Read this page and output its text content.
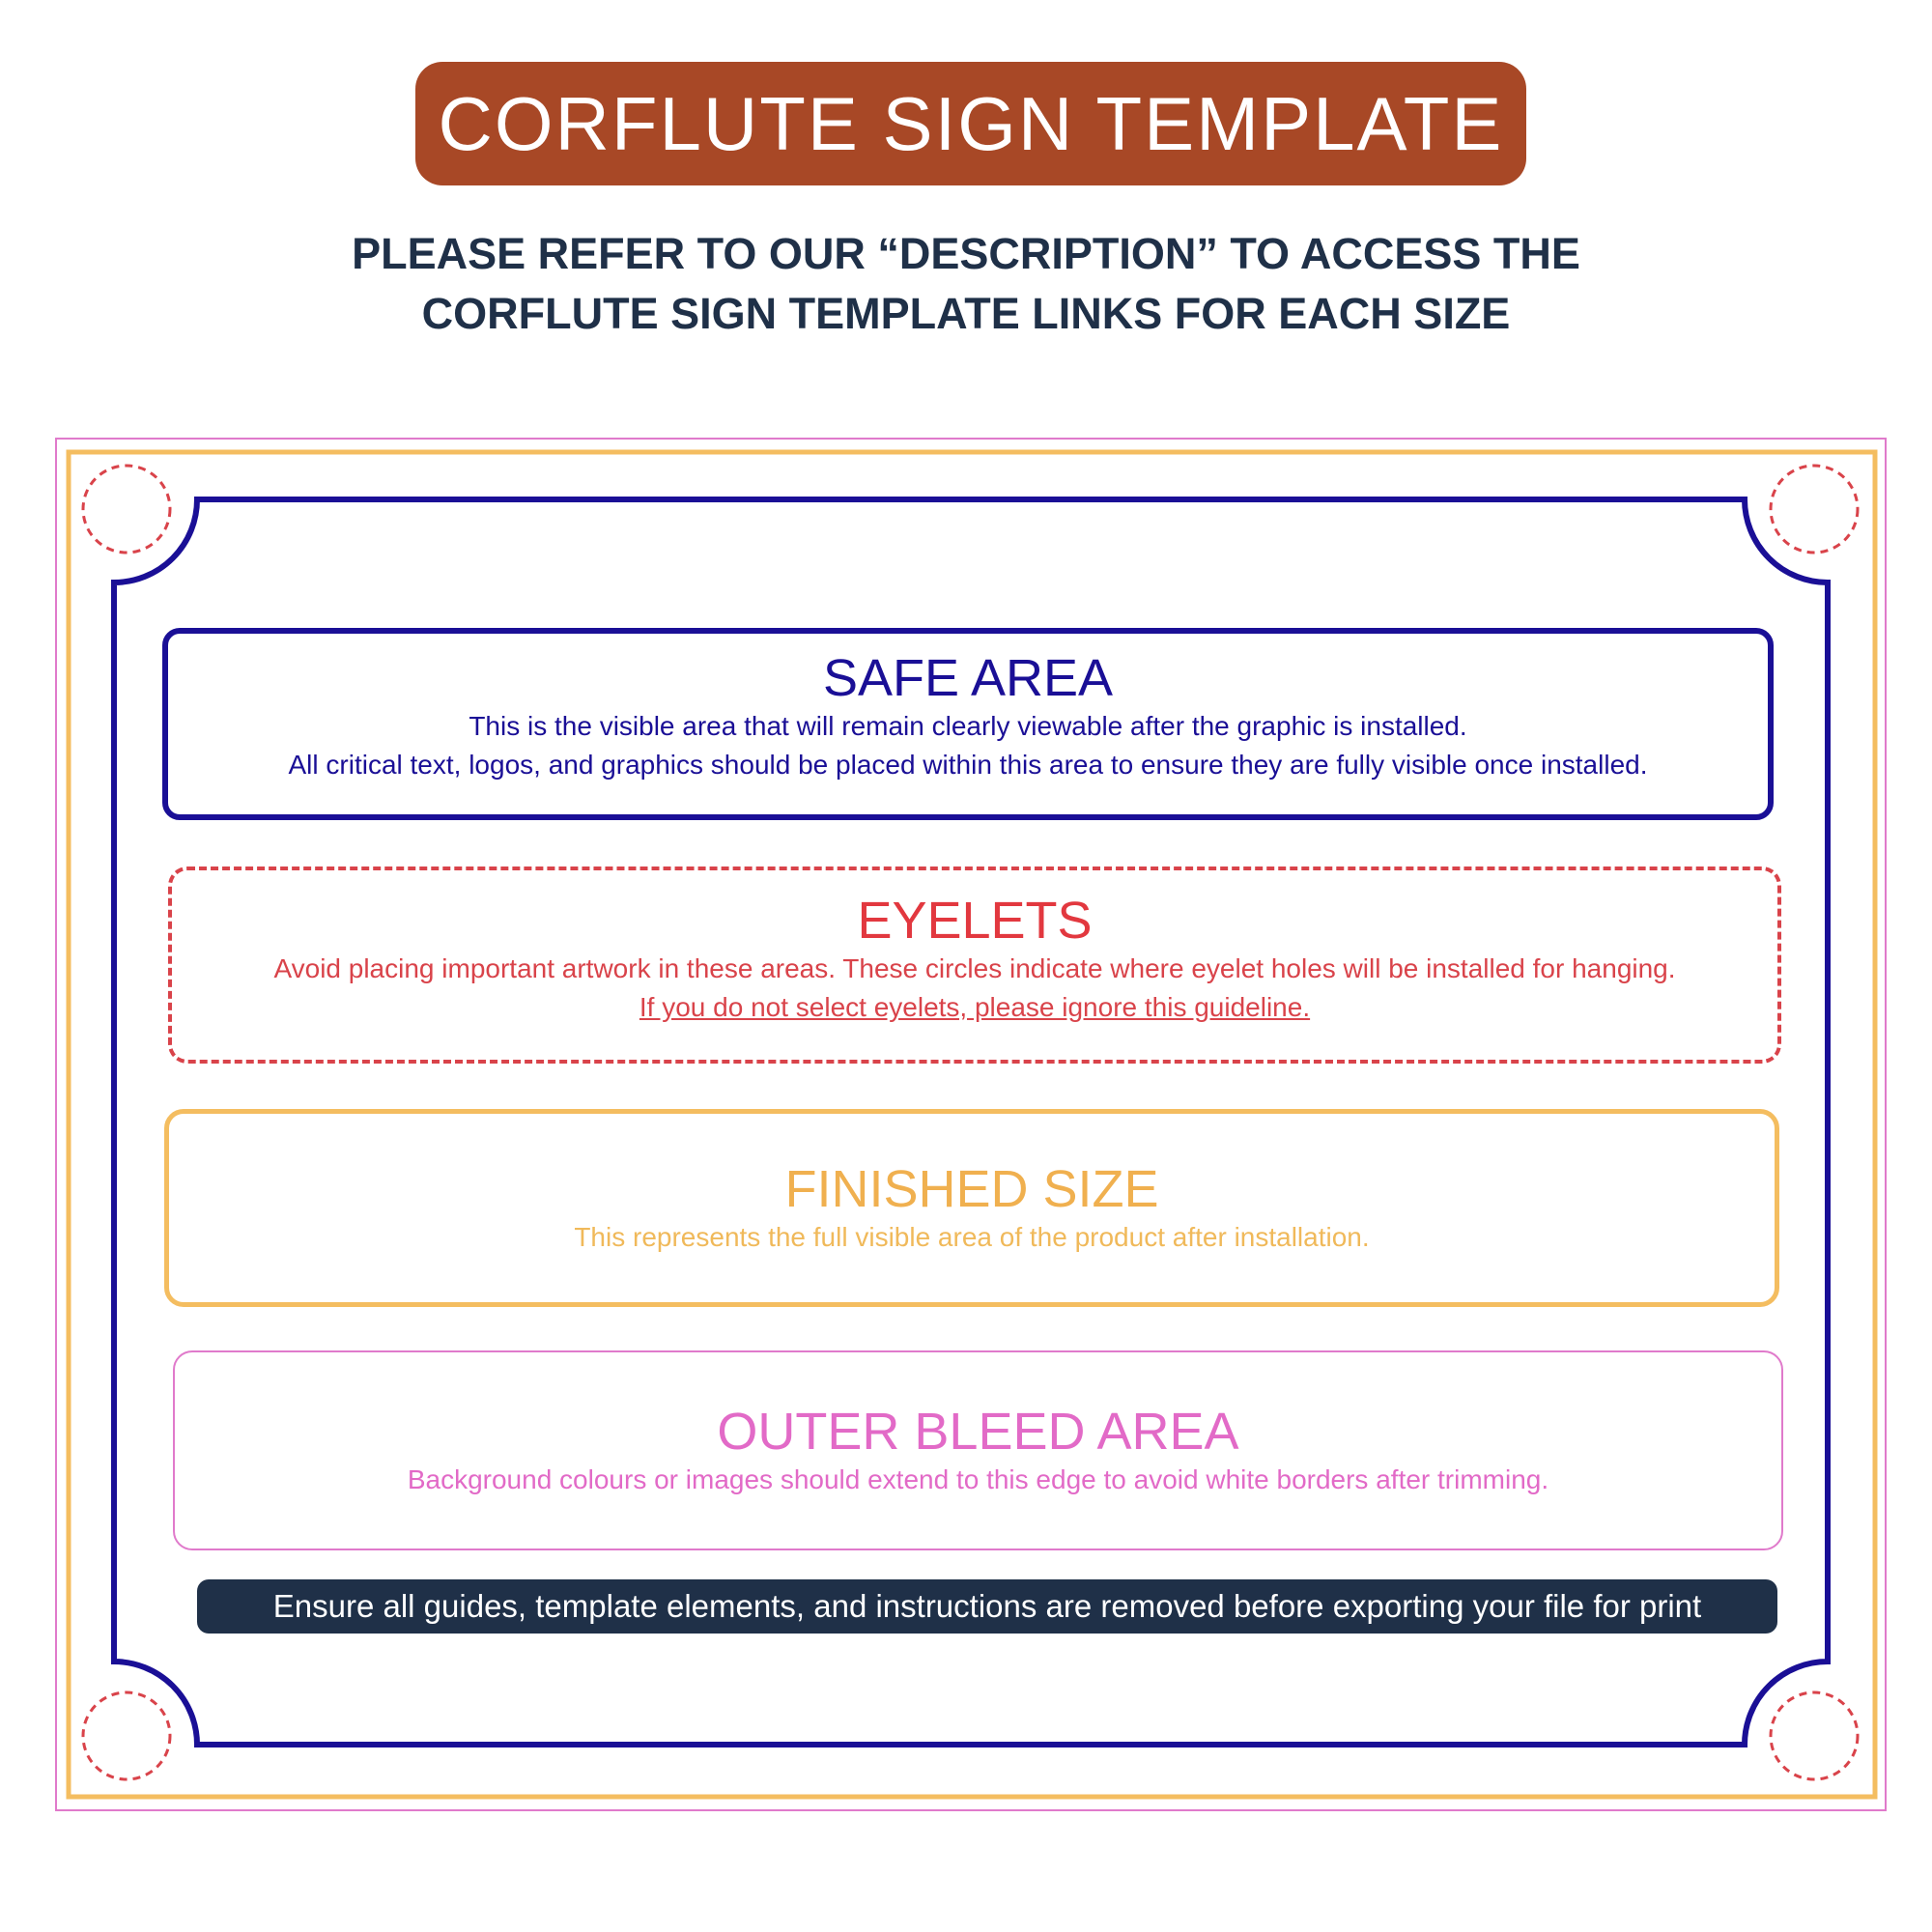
CORFLUTE SIGN TEMPLATE
PLEASE REFER TO OUR “DESCRIPTION” TO ACCESS THE
CORFLUTE SIGN TEMPLATE LINKS FOR EACH SIZE
SAFE AREA
This is the visible area that will remain clearly viewable after the graphic is installed.
All critical text, logos, and graphics should be placed within this area to ensure they are fully visible once installed.
EYELETS
Avoid placing important artwork in these areas. These circles indicate where eyelet holes will be installed for hanging.
If you do not select eyelets, please ignore this guideline.
FINISHED SIZE
This represents the full visible area of the product after installation.
OUTER BLEED AREA
Background colours or images should extend to this edge to avoid white borders after trimming.
Ensure all guides, template elements, and instructions are removed before exporting your file for print
